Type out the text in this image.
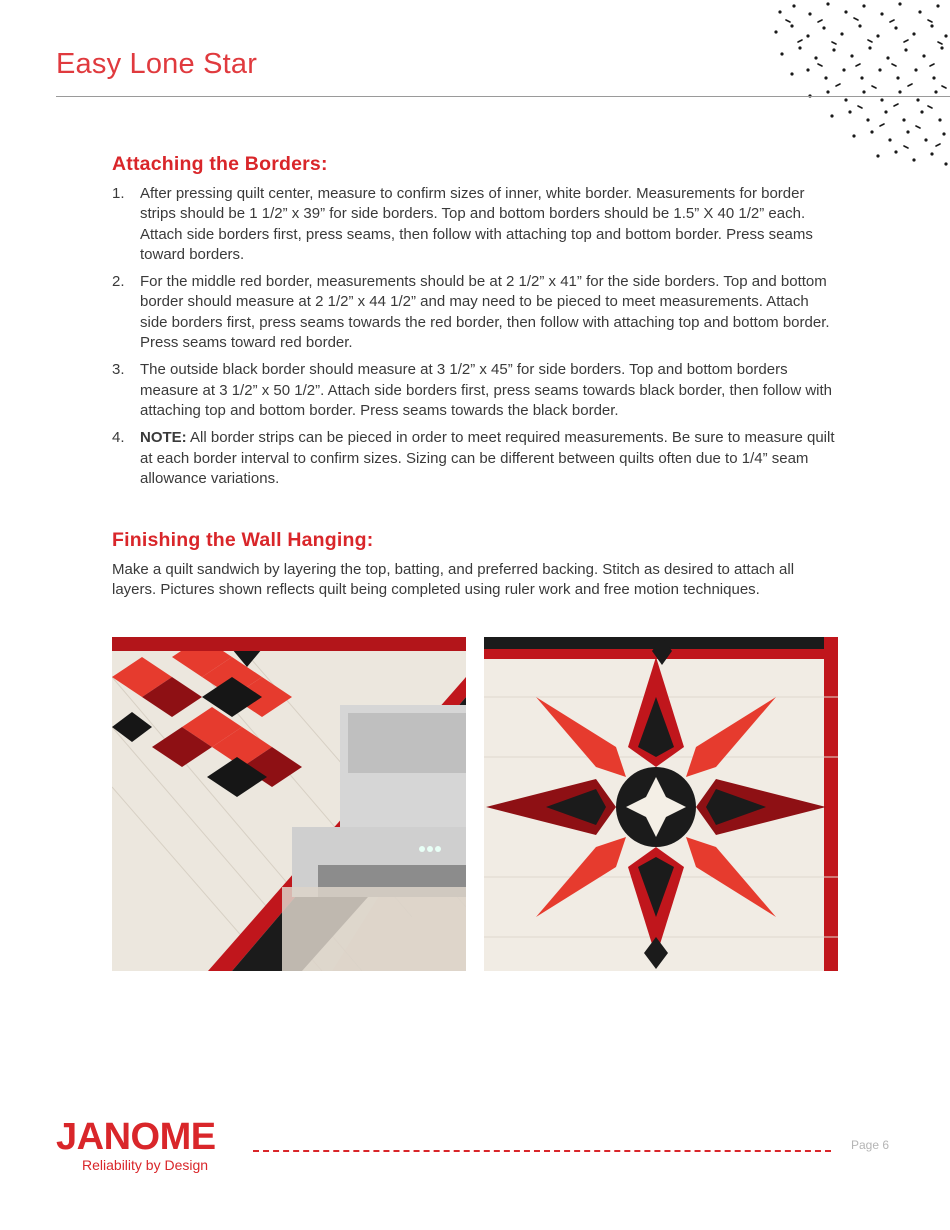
Easy Lone Star
Attaching the Borders:
1. After pressing quilt center, measure to confirm sizes of inner, white border. Measurements for border strips should be 1 1/2” x 39” for side borders. Top and bottom borders should be 1.5” X 40 1/2” each. Attach side borders first, press seams, then follow with attaching top and bottom border. Press seams toward borders.
2. For the middle red border, measurements should be at 2 1/2” x 41” for the side borders. Top and bottom border should measure at 2 1/2” x 44 1/2” and may need to be pieced to meet measurements. Attach side borders first, press seams towards the red border, then follow with attaching top and bottom border. Press seams toward red border.
3. The outside black border should measure at 3 1/2” x 45” for side borders. Top and bottom borders measure at 3 1/2” x 50 1/2”. Attach side borders first, press seams towards black border, then follow with attaching top and bottom border. Press seams towards the black border.
4. NOTE: All border strips can be pieced in order to meet required measurements. Be sure to measure quilt at each border interval to confirm sizes. Sizing can be different between quilts often due to 1/4” seam allowance variations.
Finishing the Wall Hanging:

Make a quilt sandwich by layering the top, batting, and preferred backing. Stitch as desired to attach all layers. Pictures shown reflects quilt being completed using ruler work and free motion techniques.

JANOME
Reliability by Design
Page 6
